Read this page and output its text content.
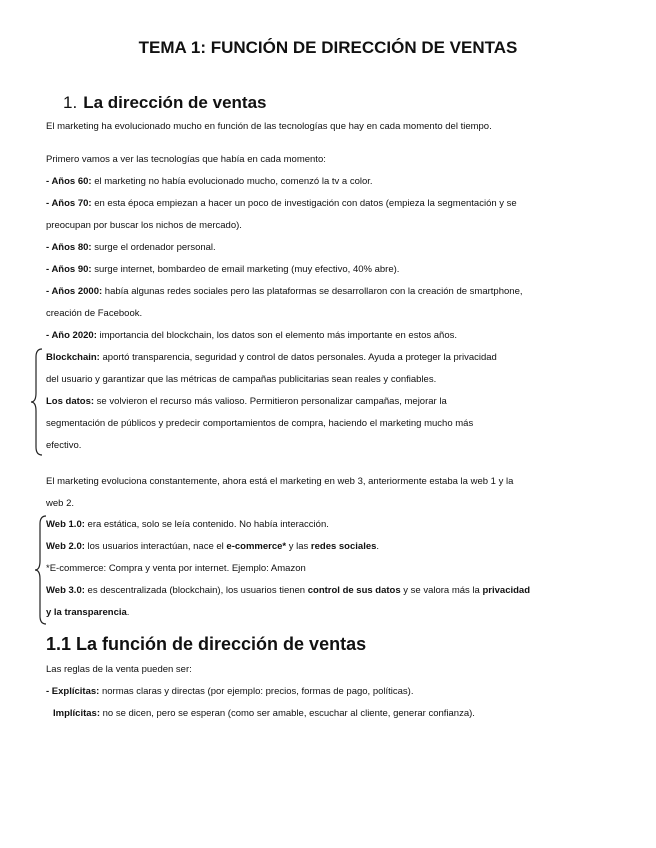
TEMA 1: FUNCIÓN DE DIRECCIÓN DE VENTAS
1. La dirección de ventas
El marketing ha evolucionado mucho en función de las tecnologías que hay en cada momento del tiempo.
Primero vamos a ver las tecnologías que había en cada momento:
- Años 60: el marketing no había evolucionado mucho, comenzó la tv a color.
- Años 70: en esta época empiezan a hacer un poco de investigación con datos (empieza la segmentación y se
preocupan por buscar los nichos de mercado).
- Años 80: surge el ordenador personal.
- Años 90: surge internet, bombardeo de email marketing (muy efectivo, 40% abre).
- Años 2000: había algunas redes sociales pero las plataformas se desarrollaron con la creación de smartphone,
creación de Facebook.
- Año 2020: importancia del blockchain, los datos son el elemento más importante en estos años.
Blockchain: aportó transparencia, seguridad y control de datos personales. Ayuda a proteger la privacidad
del usuario y garantizar que las métricas de campañas publicitarias sean reales y confiables.
Los datos: se volvieron el recurso más valioso. Permitieron personalizar campañas, mejorar la
segmentación de públicos y predecir comportamientos de compra, haciendo el marketing mucho más
efectivo.
El marketing evoluciona constantemente, ahora está el marketing en web 3, anteriormente estaba la web 1 y la
web 2.
Web 1.0: era estática, solo se leía contenido. No había interacción.
Web 2.0: los usuarios interactúan, nace el e-commerce* y las redes sociales.
*E-commerce: Compra y venta por internet. Ejemplo: Amazon
Web 3.0: es descentralizada (blockchain), los usuarios tienen control de sus datos y se valora más la privacidad
y la transparencia.
1.1 La función de dirección de ventas
Las reglas de la venta pueden ser:
- Explícitas: normas claras y directas (por ejemplo: precios, formas de pago, políticas).
Implícitas: no se dicen, pero se esperan (como ser amable, escuchar al cliente, generar confianza).
